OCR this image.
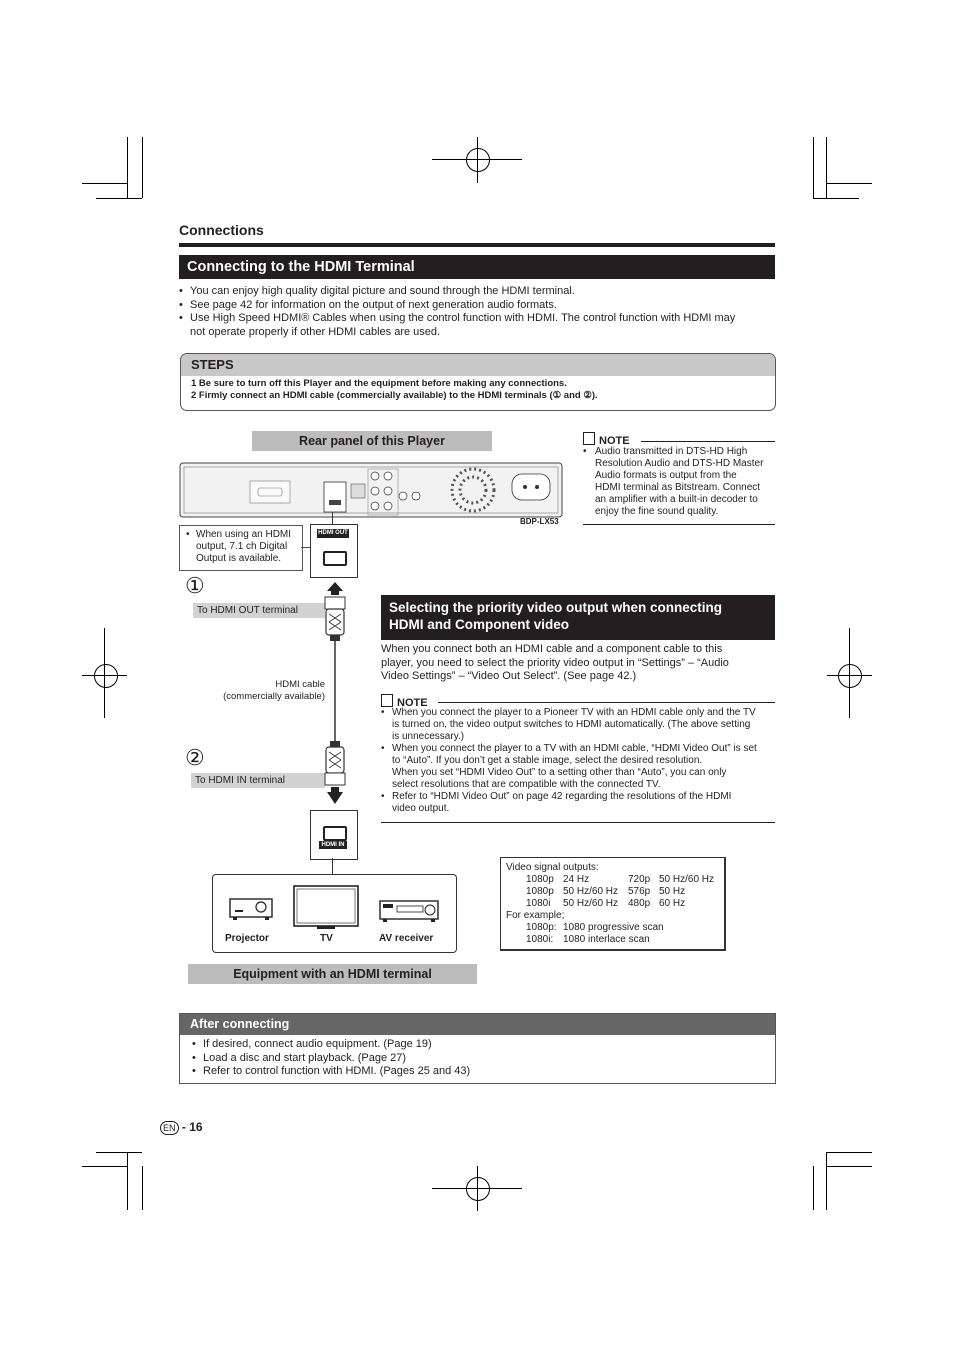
Connections
Connecting to the HDMI Terminal
• You can enjoy high quality digital picture and sound through the HDMI terminal.
• See page 42 for information on the output of next generation audio formats.
• Use High Speed HDMI® Cables when using the control function with HDMI. The control function with HDMI may
not operate properly if other HDMI cables are used.
STEPS
1 Be sure to turn off this Player and the equipment before making any connections.
2 Firmly connect an HDMI cable (commercially available) to the HDMI terminals (① and ②).
Rear panel of this Player
BDP-LX53
• When using an HDMI
output, 7.1 ch Digital
Output is available.
HDMI OUT
NOTE
• Audio transmitted in DTS-HD High
Resolution Audio and DTS-HD Master
Audio formats is output from the
HDMI terminal as Bitstream. Connect
an amplifier with a built-in decoder to
enjoy the fine sound quality.
①
To HDMI OUT terminal
②
To HDMI IN terminal
HDMI cable
(commercially available)
HDMI IN
Projector	TV	AV receiver
Equipment with an HDMI terminal
Selecting the priority video output when connecting
HDMI and Component video
When you connect both an HDMI cable and a component cable to this
player, you need to select the priority video output in “Settings” – “Audio
Video Settings” – “Video Out Select”. (See page 42.)
NOTE
• When you connect the player to a Pioneer TV with an HDMI cable only and the TV
is turned on, the video output switches to HDMI automatically. (The above setting
is unnecessary.)
• When you connect the player to a TV with an HDMI cable, “HDMI Video Out” is set
to “Auto”. If you don’t get a stable image, select the desired resolution.
When you set “HDMI Video Out” to a setting other than “Auto”, you can only
select resolutions that are compatible with the connected TV.
• Refer to “HDMI Video Out” on page 42 regarding the resolutions of the HDMI
video output.
Video signal outputs:
1080p 24 Hz	720p 50 Hz/60 Hz
1080p 50 Hz/60 Hz 576p 50 Hz
1080i 50 Hz/60 Hz 480p 60 Hz
For example;
1080p: 1080 progressive scan
1080i: 1080 interlace scan
After connecting
• If desired, connect audio equipment. (Page 19)
• Load a disc and start playback. (Page 27)
• Refer to control function with HDMI. (Pages 25 and 43)
EN - 16
